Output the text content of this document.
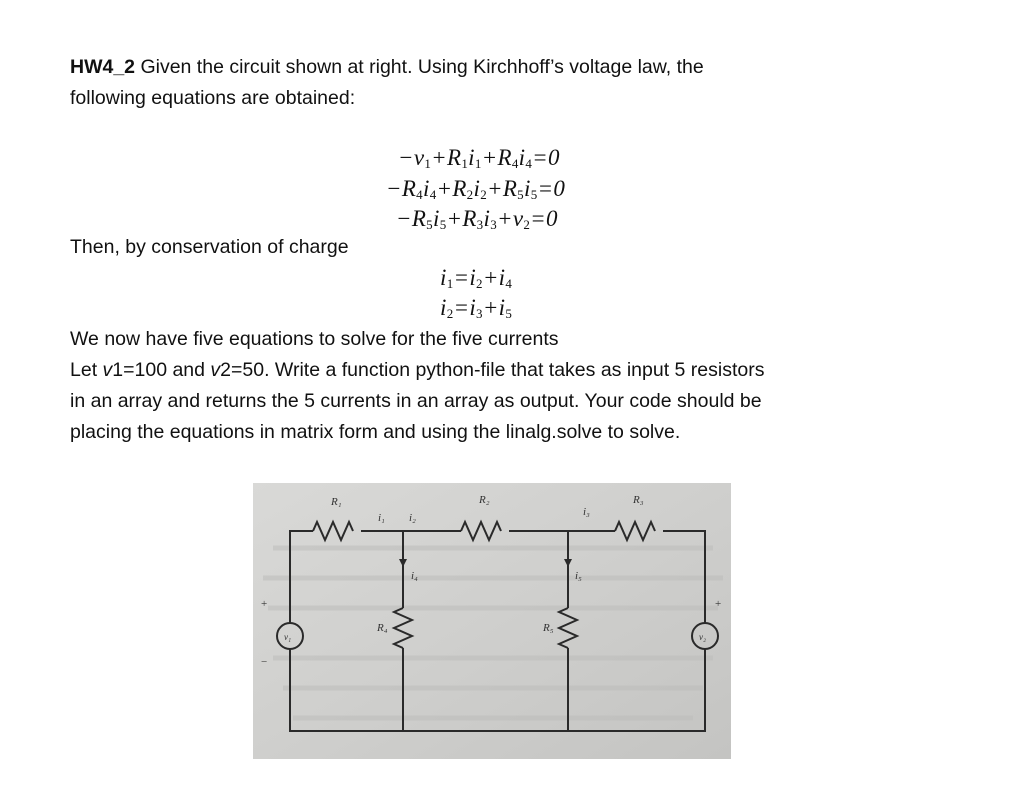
HW4_2 Given the circuit shown at right. Using Kirchhoff’s voltage law, the
following equations are obtained:
$-v_1+R_1i_1+R_4i_4=0$
$-R_4i_4+R_2i_2+R_5i_5=0$
$-R_5i_5+R_3i_3+v_2=0$
Then, by conservation of charge
$i_1=i_2+i_4$
$i_2=i_3+i_5$
We now have five equations to solve for the five currents
Let v1=100 and v2=50. Write a function python-file that takes as input 5 resistors
in an array and returns the 5 currents in an array as output. Your code should be
placing the equations in matrix form and using the linalg.solve to solve.
R₁	R₂	R₃
R₄	R₅
i₁ i₂	i₃
i₄	i₅
v₁	v₂
+
−
+
